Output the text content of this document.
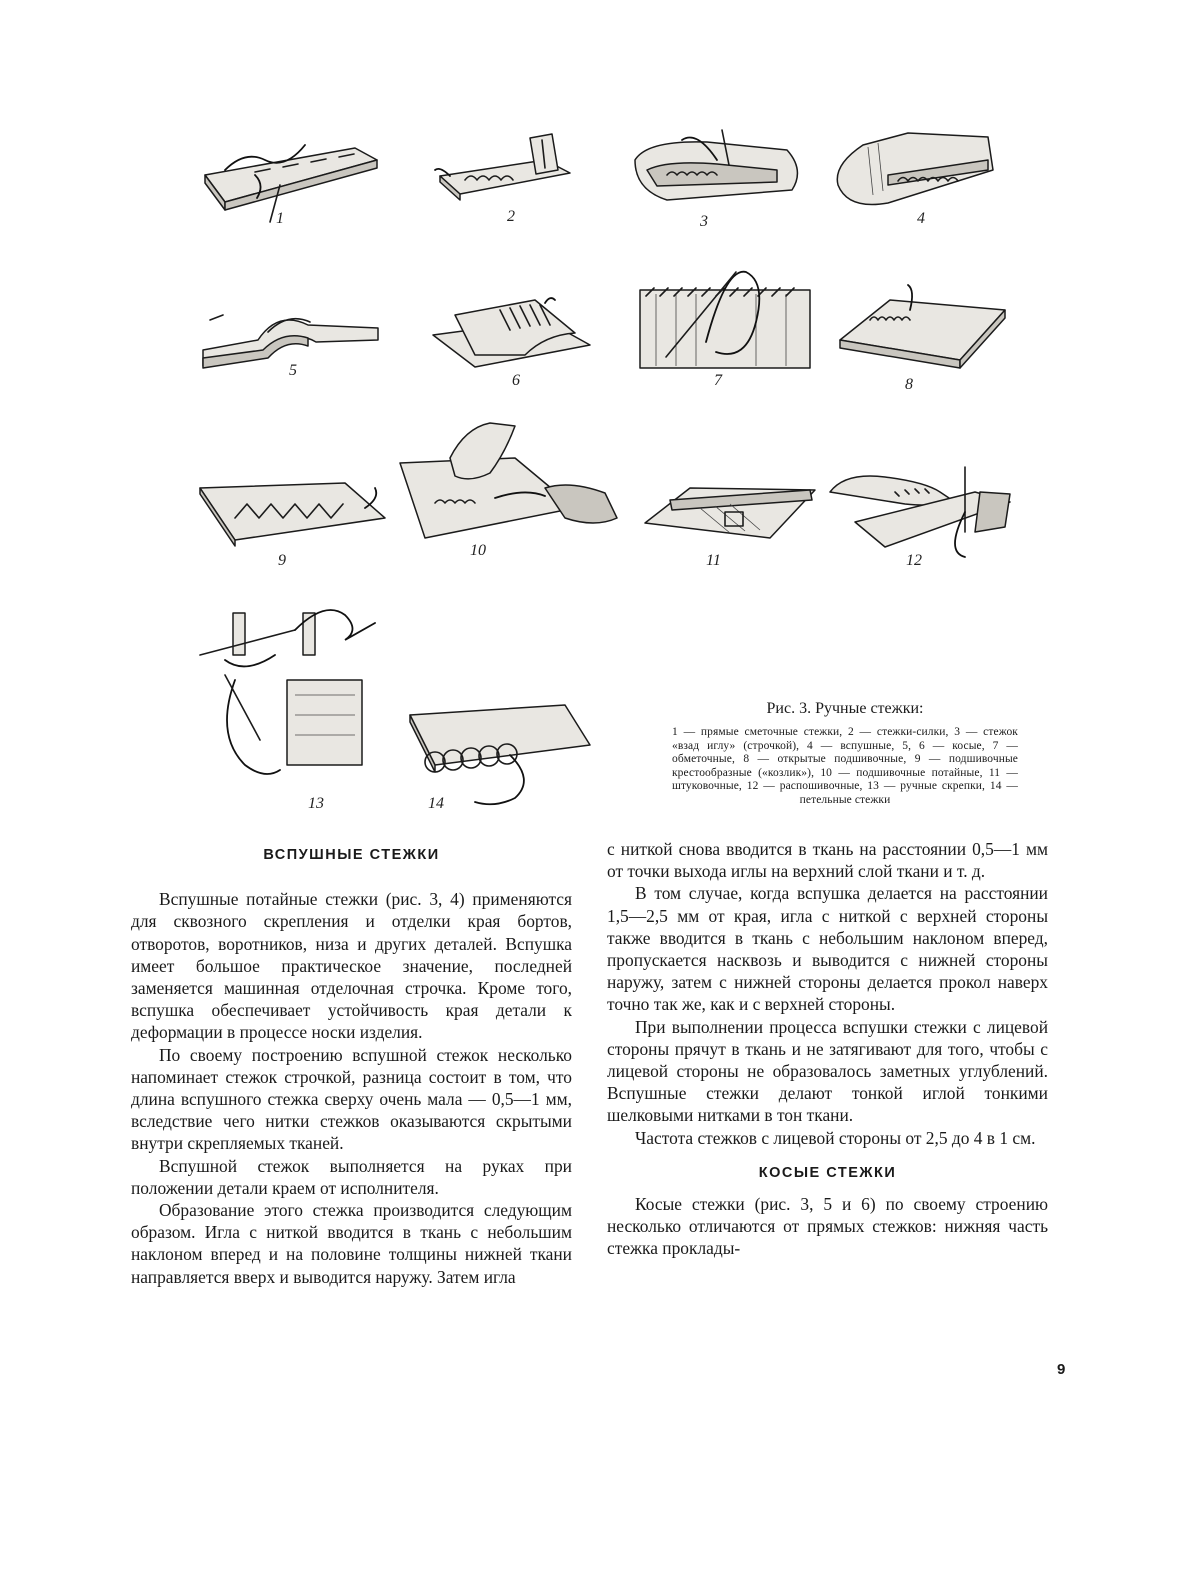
1	2	3	4
5
6	7	8
9
10
11	12
13	14
Рис. 3. Ручные стежки:
1 — прямые сметочные стежки, 2 — стежки-силки, 3 — стежок «взад иглу» (строчкой), 4 — вспушные, 5, 6 — косые, 7 — обметочные, 8 — открытые подшивочные, 9 — подшивочные крестообразные («козлик»), 10 — подшивочные потайные, 11 — штуковочные, 12 — распошивочные, 13 — ручные скрепки, 14 — петельные стежки
ВСПУШНЫЕ СТЕЖКИ

Вспушные потайные стежки (рис. 3, 4) применяются для сквозного скрепления и отделки края бортов, отворотов, воротников, низа и других деталей. Вспушка имеет большое практическое значение, последней заменяется машинная отделочная строчка. Кроме того, вспушка обеспечивает устойчивость края детали к деформации в процессе носки изделия.

По своему построению вспушной стежок несколько напоминает стежок строчкой, разница состоит в том, что длина вспушного стежка сверху очень мала — 0,5—1 мм, вследствие чего нитки стежков оказываются скрытыми внутри скрепляемых тканей.

Вспушной стежок выполняется на руках при положении детали краем от исполнителя.

Образование этого стежка производится следующим образом. Игла с ниткой вводится в ткань с небольшим наклоном вперед и на половине толщины нижней ткани направляется вверх и выводится наружу. Затем игла

с ниткой снова вводится в ткань на расстоянии 0,5—1 мм от точки выхода иглы на верхний слой ткани и т. д.

В том случае, когда вспушка делается на расстоянии 1,5—2,5 мм от края, игла с ниткой с верхней стороны также вводится в ткань с небольшим наклоном вперед, пропускается насквозь и выводится с нижней стороны наружу, затем с нижней стороны делается прокол наверх точно так же, как и с верхней стороны.

При выполнении процесса вспушки стежки с лицевой стороны прячут в ткань и не затягивают для того, чтобы с лицевой стороны не образовалось заметных углублений. Вспушные стежки делают тонкой иглой тонкими шелковыми нитками в тон ткани.

Частота стежков с лицевой стороны от 2,5 до 4 в 1 см.

КОСЫЕ СТЕЖКИ

Косые стежки (рис. 3, 5 и 6) по своему строению несколько отличаются от прямых стежков: нижняя часть стежка проклады-

9
